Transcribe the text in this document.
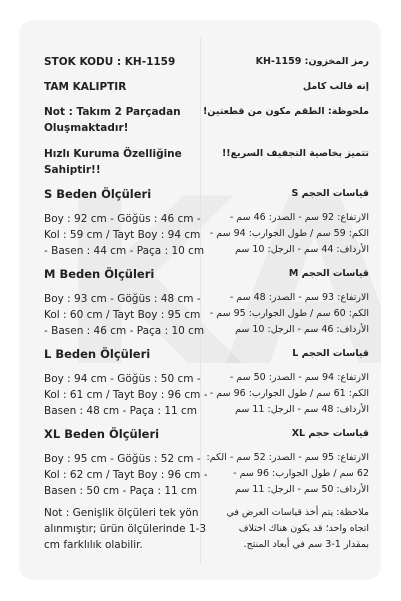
STOK KODU : KH-1159

TAM KALIPTIR

Not : Takım 2 Parçadan

Oluşmaktadır!

Hızlı Kuruma Özelliğine

Sahiptir!!

S Beden Ölçüleri

Boy : 92 cm - Göğüs : 46 cm -

Kol : 59 cm / Tayt Boy : 94 cm

- Basen : 44 cm - Paça : 10 cm

M Beden Ölçüleri

Boy : 93 cm - Göğüs : 48 cm -

Kol : 60 cm / Tayt Boy : 95 cm

- Basen : 46 cm - Paça : 10 cm

L Beden Ölçüleri

Boy : 94 cm - Göğüs : 50 cm -

Kol : 61 cm / Tayt Boy : 96 cm -

Basen : 48 cm - Paça : 11 cm

XL Beden Ölçüleri

Boy : 95 cm - Göğüs : 52 cm -

Kol : 62 cm / Tayt Boy : 96 cm -

Basen : 50 cm - Paça : 11 cm

Not : Genişlik ölçüleri tek yön

alınmıştır; ürün ölçülerinde 1-3

cm farklılık olabilir.

رمز المخزون: KH-1159

إنه قالب كامل

ملحوظة: الطقم مكون من قطعتين!

تتميز بخاصية التجفيف السريع!!

قياسات الحجم S

الارتفاع: 92 سم - الصدر: 46 سم -

الكم: 59 سم / طول الجوارب: 94 سم -

الأرداف: 44 سم - الرجل: 10 سم

قياسات الحجم M

الارتفاع: 93 سم - الصدر: 48 سم -

الكم: 60 سم / طول الجوارب: 95 سم -

الأرداف: 46 سم - الرجل: 10 سم

قياسات الحجم L

الارتفاع: 94 سم - الصدر: 50 سم -

الكم: 61 سم / طول الجوارب: 96 سم -

الأرداف: 48 سم - الرجل: 11 سم

قياسات حجم XL

الارتفاع: 95 سم - الصدر: 52 سم - الكم:

62 سم / طول الجوارب: 96 سم -

الأرداف: 50 سم - الرجل: 11 سم

ملاحظة: يتم أخذ قياسات العرض في

اتجاه واحد؛ قد يكون هناك اختلاف

بمقدار 1-3 سم في أبعاد المنتج.
